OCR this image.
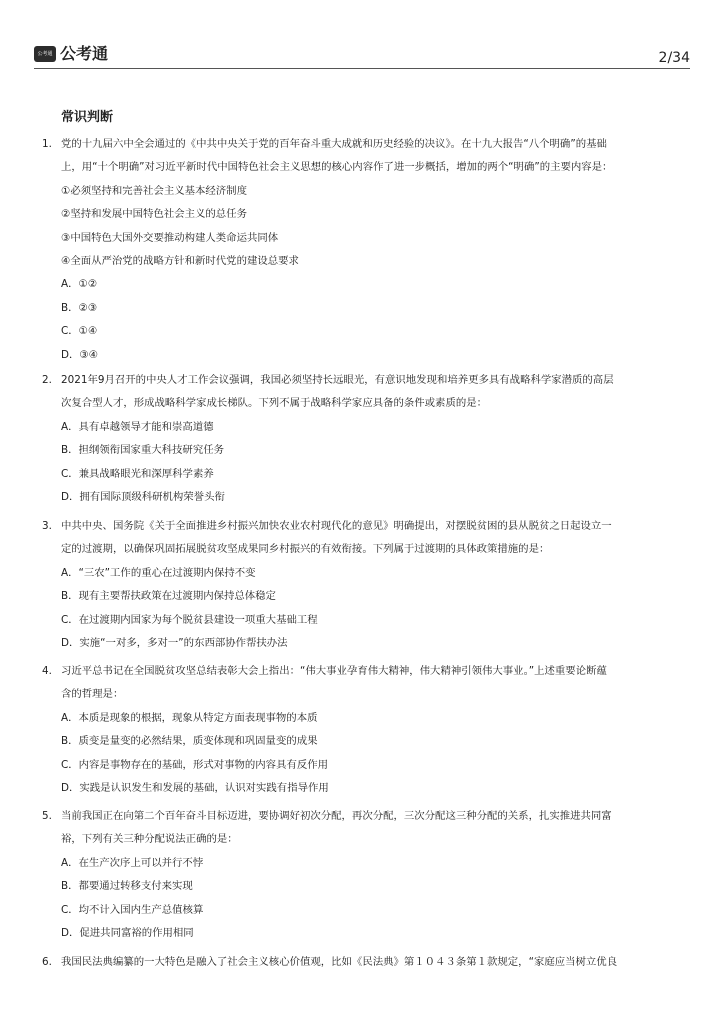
公考通 公考通	2/34
常识判断
1. 党的十九届六中全会通过的《中共中央关于党的百年奋斗重大成就和历史经验的决议》。在十九大报告“八个明确”的基础
上，用“十个明确”对习近平新时代中国特色社会主义思想的核心内容作了进一步概括，增加的两个“明确”的主要内容是：
①必须坚持和完善社会主义基本经济制度
②坚持和发展中国特色社会主义的总任务
③中国特色大国外交要推动构建人类命运共同体
④全面从严治党的战略方针和新时代党的建设总要求
A．①②
B．②③
C．①④
D．③④
2. 2021年9月召开的中央人才工作会议强调，我国必须坚持长远眼光，有意识地发现和培养更多具有战略科学家潜质的高层
次复合型人才，形成战略科学家成长梯队。下列不属于战略科学家应具备的条件或素质的是：
A．具有卓越领导才能和崇高道德
B．担纲领衔国家重大科技研究任务
C．兼具战略眼光和深厚科学素养
D．拥有国际顶级科研机构荣誉头衔
3. 中共中央、国务院《关于全面推进乡村振兴加快农业农村现代化的意见》明确提出，对摆脱贫困的县从脱贫之日起设立一
定的过渡期，以确保巩固拓展脱贫攻坚成果同乡村振兴的有效衔接。下列属于过渡期的具体政策措施的是：
A．“三农”工作的重心在过渡期内保持不变
B．现有主要帮扶政策在过渡期内保持总体稳定
C．在过渡期内国家为每个脱贫县建设一项重大基础工程
D．实施“一对多，多对一”的东西部协作帮扶办法
4. 习近平总书记在全国脱贫攻坚总结表彰大会上指出：“伟大事业孕育伟大精神，伟大精神引领伟大事业。”上述重要论断蕴
含的哲理是：
A．本质是现象的根据，现象从特定方面表现事物的本质
B．质变是量变的必然结果，质变体现和巩固量变的成果
C．内容是事物存在的基础，形式对事物的内容具有反作用
D．实践是认识发生和发展的基础，认识对实践有指导作用
5. 当前我国正在向第二个百年奋斗目标迈进，要协调好初次分配，再次分配，三次分配这三种分配的关系，扎实推进共同富
裕，下列有关三种分配说法正确的是：
A．在生产次序上可以并行不悖
B．都要通过转移支付来实现
C．均不计入国内生产总值核算
D．促进共同富裕的作用相同
6. 我国民法典编纂的一大特色是融入了社会主义核心价值观，比如《民法典》第１０４３条第１款规定，“家庭应当树立优良
